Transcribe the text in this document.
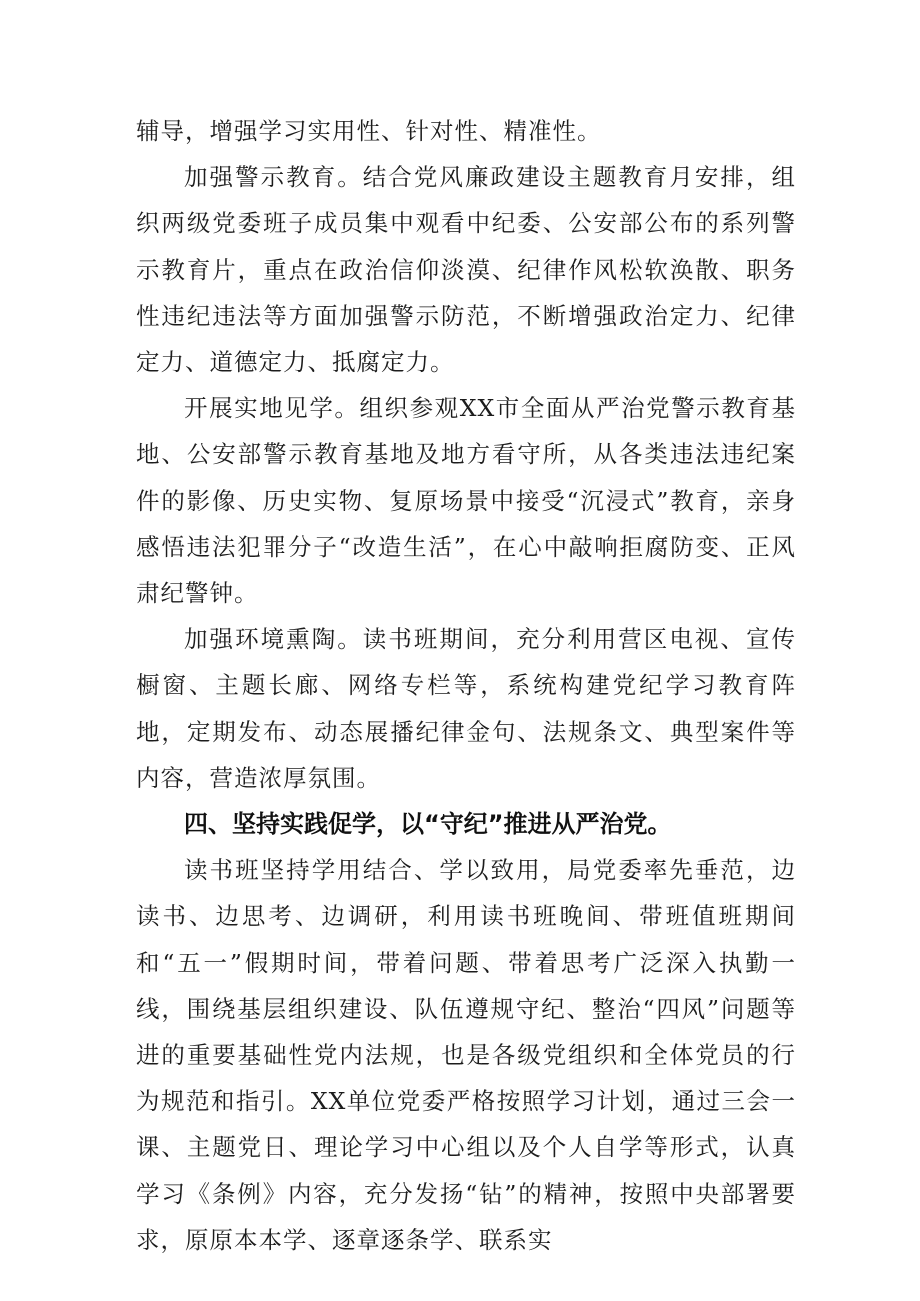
辅导，增强学习实用性、针对性、精准性。

加强警示教育。结合党风廉政建设主题教育月安排，组织两级党委班子成员集中观看中纪委、公安部公布的系列警示教育片，重点在政治信仰淡漠、纪律作风松软涣散、职务性违纪违法等方面加强警示防范，不断增强政治定力、纪律定力、道德定力、抵腐定力。

开展实地见学。组织参观XX市全面从严治党警示教育基地、公安部警示教育基地及地方看守所，从各类违法违纪案件的影像、历史实物、复原场景中接受“沉浸式”教育，亲身感悟违法犯罪分子“改造生活”，在心中敲响拒腐防变、正风肃纪警钟。

加强环境熏陶。读书班期间，充分利用营区电视、宣传橱窗、主题长廊、网络专栏等，系统构建党纪学习教育阵地，定期发布、动态展播纪律金句、法规条文、典型案件等内容，营造浓厚氛围。

四、坚持实践促学，以“守纪”推进从严治党。

读书班坚持学用结合、学以致用，局党委率先垂范，边读书、边思考、边调研，利用读书班晚间、带班值班期间和“五一”假期时间，带着问题、带着思考广泛深入执勤一线，围绕基层组织建设、队伍遵规守纪、整治“四风”问题等进的重要基础性党内法规，也是各级党组织和全体党员的行为规范和指引。XX单位党委严格按照学习计划，通过三会一课、主题党日、理论学习中心组以及个人自学等形式，认真学习《条例》内容，充分发扬“钻”的精神，按照中央部署要求，原原本本学、逐章逐条学、联系实
